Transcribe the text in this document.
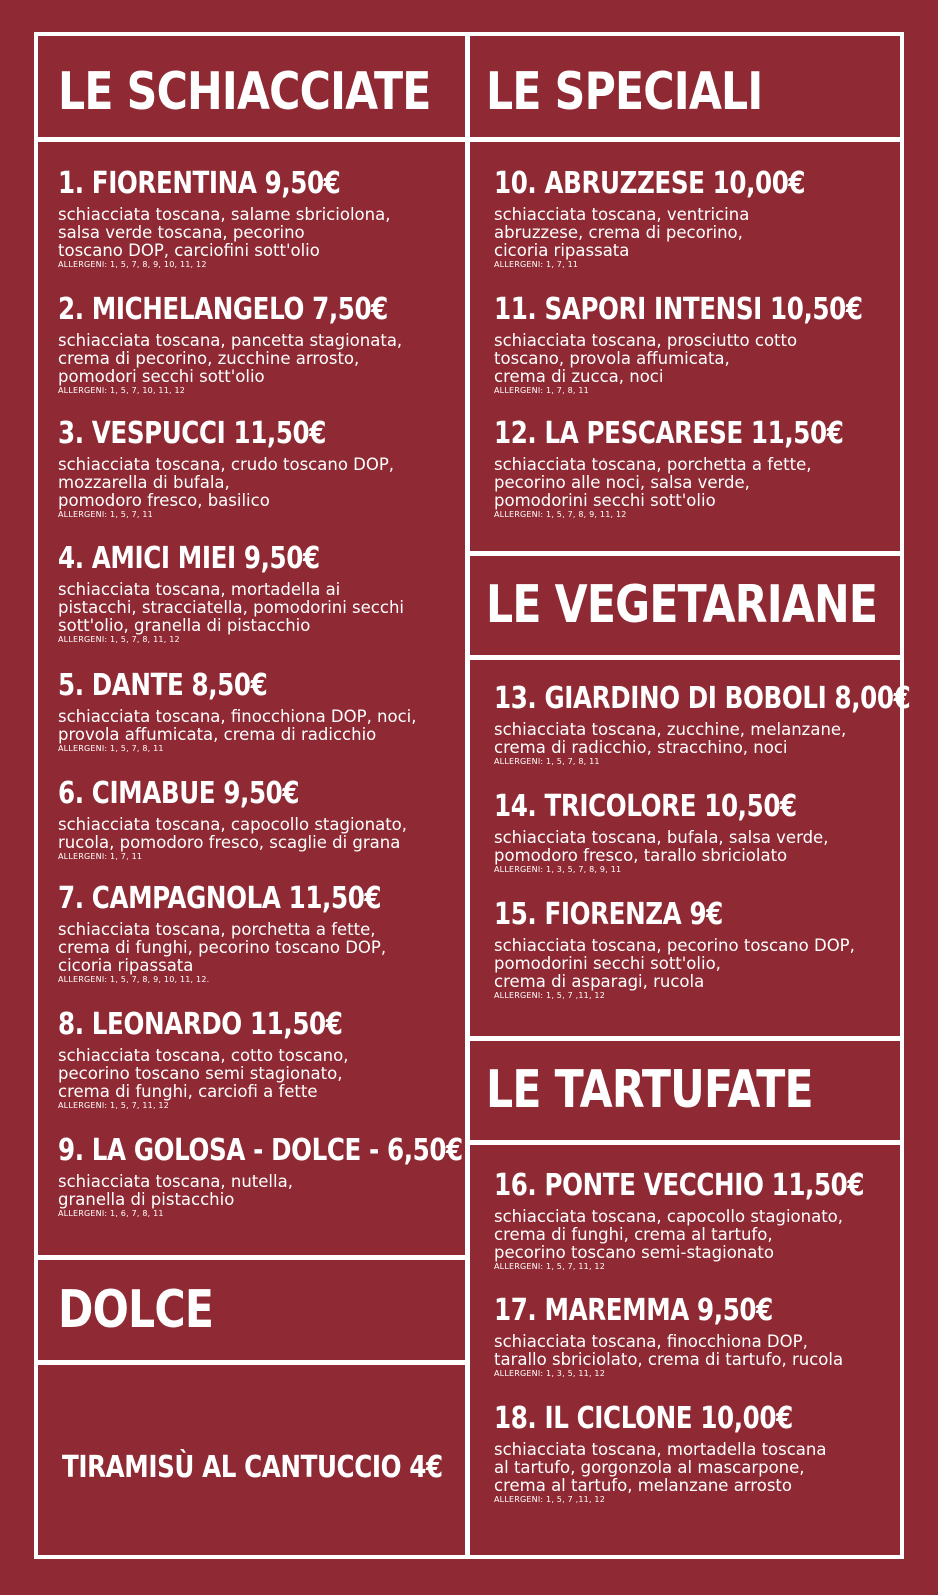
LE SCHIACCIATE LE SPECIALI
LE VEGETARIANE
DOLCE
LE TARTUFATE
1. FIORENTINA 9,50€
schiacciata toscana, salame sbriciolona,
salsa verde toscana, pecorino
toscano DOP, carciofini sott'olio
ALLERGENI: 1, 5, 7, 8, 9, 10, 11, 12
2. MICHELANGELO 7,50€
schiacciata toscana, pancetta stagionata,
crema di pecorino, zucchine arrosto,
pomodori secchi sott'olio
ALLERGENI: 1, 5, 7, 10, 11, 12
3. VESPUCCI 11,50€
schiacciata toscana, crudo toscano DOP,
mozzarella di bufala,
pomodoro fresco, basilico
ALLERGENI: 1, 5, 7, 11
4. AMICI MIEI 9,50€
schiacciata toscana, mortadella ai
pistacchi, stracciatella, pomodorini secchi
sott'olio, granella di pistacchio
ALLERGENI: 1, 5, 7, 8, 11, 12
5. DANTE 8,50€
schiacciata toscana, finocchiona DOP, noci,
provola affumicata, crema di radicchio
ALLERGENI: 1, 5, 7, 8, 11
6. CIMABUE 9,50€
schiacciata toscana, capocollo stagionato,
rucola, pomodoro fresco, scaglie di grana
ALLERGENI: 1, 7, 11
7. CAMPAGNOLA 11,50€
schiacciata toscana, porchetta a fette,
crema di funghi, pecorino toscano DOP,
cicoria ripassata
ALLERGENI: 1, 5, 7, 8, 9, 10, 11, 12.
8. LEONARDO 11,50€
schiacciata toscana, cotto toscano,
pecorino toscano semi stagionato,
crema di funghi, carciofi a fette
ALLERGENI: 1, 5, 7, 11, 12
9. LA GOLOSA - DOLCE - 6,50€
schiacciata toscana, nutella,
granella di pistacchio
ALLERGENI: 1, 6, 7, 8, 11
TIRAMISÙ AL CANTUCCIO 4€
10. ABRUZZESE 10,00€
schiacciata toscana, ventricina
abruzzese, crema di pecorino,
cicoria ripassata
ALLERGENI: 1, 7, 11
11. SAPORI INTENSI 10,50€
schiacciata toscana, prosciutto cotto
toscano, provola affumicata,
crema di zucca, noci
ALLERGENI: 1, 7, 8, 11
12. LA PESCARESE 11,50€
schiacciata toscana, porchetta a fette,
pecorino alle noci, salsa verde,
pomodorini secchi sott'olio
ALLERGENI: 1, 5, 7, 8, 9, 11, 12
13. GIARDINO DI BOBOLI 8,00€
schiacciata toscana, zucchine, melanzane,
crema di radicchio, stracchino, noci
ALLERGENI: 1, 5, 7, 8, 11
14. TRICOLORE 10,50€
schiacciata toscana, bufala, salsa verde,
pomodoro fresco, tarallo sbriciolato
ALLERGENI: 1, 3, 5, 7, 8, 9, 11
15. FIORENZA 9€
schiacciata toscana, pecorino toscano DOP,
pomodorini secchi sott'olio,
crema di asparagi, rucola
ALLERGENI: 1, 5, 7 ,11, 12
16. PONTE VECCHIO 11,50€
schiacciata toscana, capocollo stagionato,
crema di funghi, crema al tartufo,
pecorino toscano semi-stagionato
ALLERGENI: 1, 5, 7, 11, 12
17. MAREMMA 9,50€
schiacciata toscana, finocchiona DOP,
tarallo sbriciolato, crema di tartufo, rucola
ALLERGENI: 1, 3, 5, 11, 12
18. IL CICLONE 10,00€
schiacciata toscana, mortadella toscana
al tartufo, gorgonzola al mascarpone,
crema al tartufo, melanzane arrosto
ALLERGENI: 1, 5, 7 ,11, 12
